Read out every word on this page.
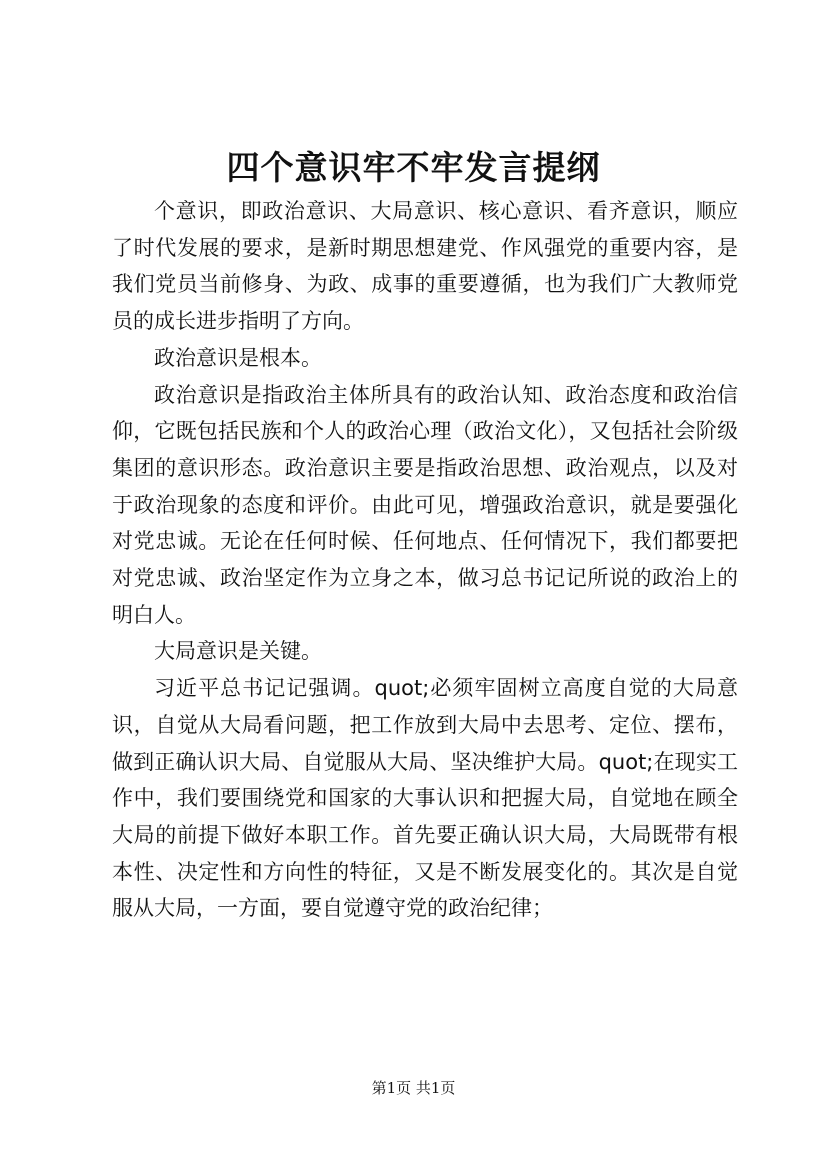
四个意识牢不牢发言提纲

个意识，即政治意识、大局意识、核心意识、看齐意识，顺应了时代发展的要求，是新时期思想建党、作风强党的重要内容，是我们党员当前修身、为政、成事的重要遵循，也为我们广大教师党员的成长进步指明了方向。

政治意识是根本。

政治意识是指政治主体所具有的政治认知、政治态度和政治信仰，它既包括民族和个人的政治心理（政治文化），又包括社会阶级集团的意识形态。政治意识主要是指政治思想、政治观点，以及对于政治现象的态度和评价。由此可见，增强政治意识，就是要强化对党忠诚。无论在任何时候、任何地点、任何情况下，我们都要把对党忠诚、政治坚定作为立身之本，做习总书记记所说的政治上的明白人。

大局意识是关键。

习近平总书记记强调。quot;必须牢固树立高度自觉的大局意识，自觉从大局看问题，把工作放到大局中去思考、定位、摆布，做到正确认识大局、自觉服从大局、坚决维护大局。quot;在现实工作中，我们要围绕党和国家的大事认识和把握大局，自觉地在顾全大局的前提下做好本职工作。首先要正确认识大局，大局既带有根本性、决定性和方向性的特征，又是不断发展变化的。其次是自觉服从大局，一方面，要自觉遵守党的政治纪律；

第1页 共1页
